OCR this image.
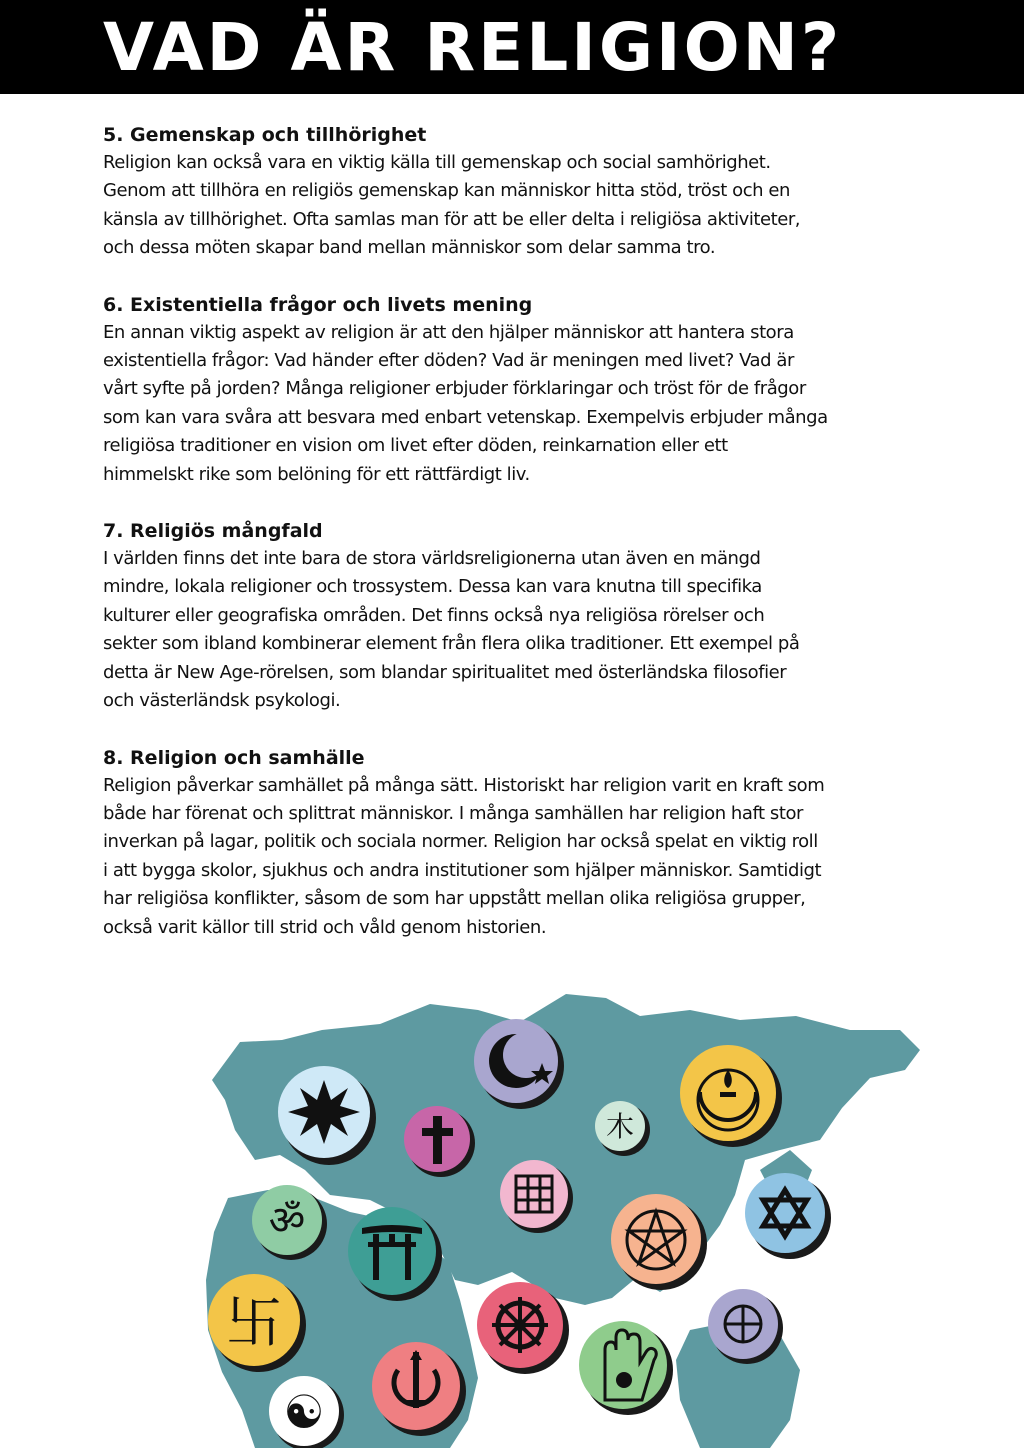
VAD ÄR RELIGION?
5. Gemenskap och tillhörighet
Religion kan också vara en viktig källa till gemenskap och social samhörighet.
Genom att tillhöra en religiös gemenskap kan människor hitta stöd, tröst och en
känsla av tillhörighet. Ofta samlas man för att be eller delta i religiösa aktiviteter,
och dessa möten skapar band mellan människor som delar samma tro.
6. Existentiella frågor och livets mening
En annan viktig aspekt av religion är att den hjälper människor att hantera stora
existentiella frågor: Vad händer efter döden? Vad är meningen med livet? Vad är
vårt syfte på jorden? Många religioner erbjuder förklaringar och tröst för de frågor
som kan vara svåra att besvara med enbart vetenskap. Exempelvis erbjuder många
religiösa traditioner en vision om livet efter döden, reinkarnation eller ett
himmelskt rike som belöning för ett rättfärdigt liv.
7. Religiös mångfald
I världen finns det inte bara de stora världsreligionerna utan även en mängd
mindre, lokala religioner och trossystem. Dessa kan vara knutna till specifika
kulturer eller geografiska områden. Det finns också nya religiösa rörelser och
sekter som ibland kombinerar element från flera olika traditioner. Ett exempel på
detta är New Age-rörelsen, som blandar spiritualitet med österländska filosofier
och västerländsk psykologi.
8. Religion och samhälle
Religion påverkar samhället på många sätt. Historiskt har religion varit en kraft som
både har förenat och splittrat människor. I många samhällen har religion haft stor
inverkan på lagar, politik och sociala normer. Religion har också spelat en viktig roll
i att bygga skolor, sjukhus och andra institutioner som hjälper människor. Samtidigt
har religiösa konflikter, såsom de som har uppstått mellan olika religiösa grupper,
också varit källor till strid och våld genom historien.
木
ॐ
卐
☯
